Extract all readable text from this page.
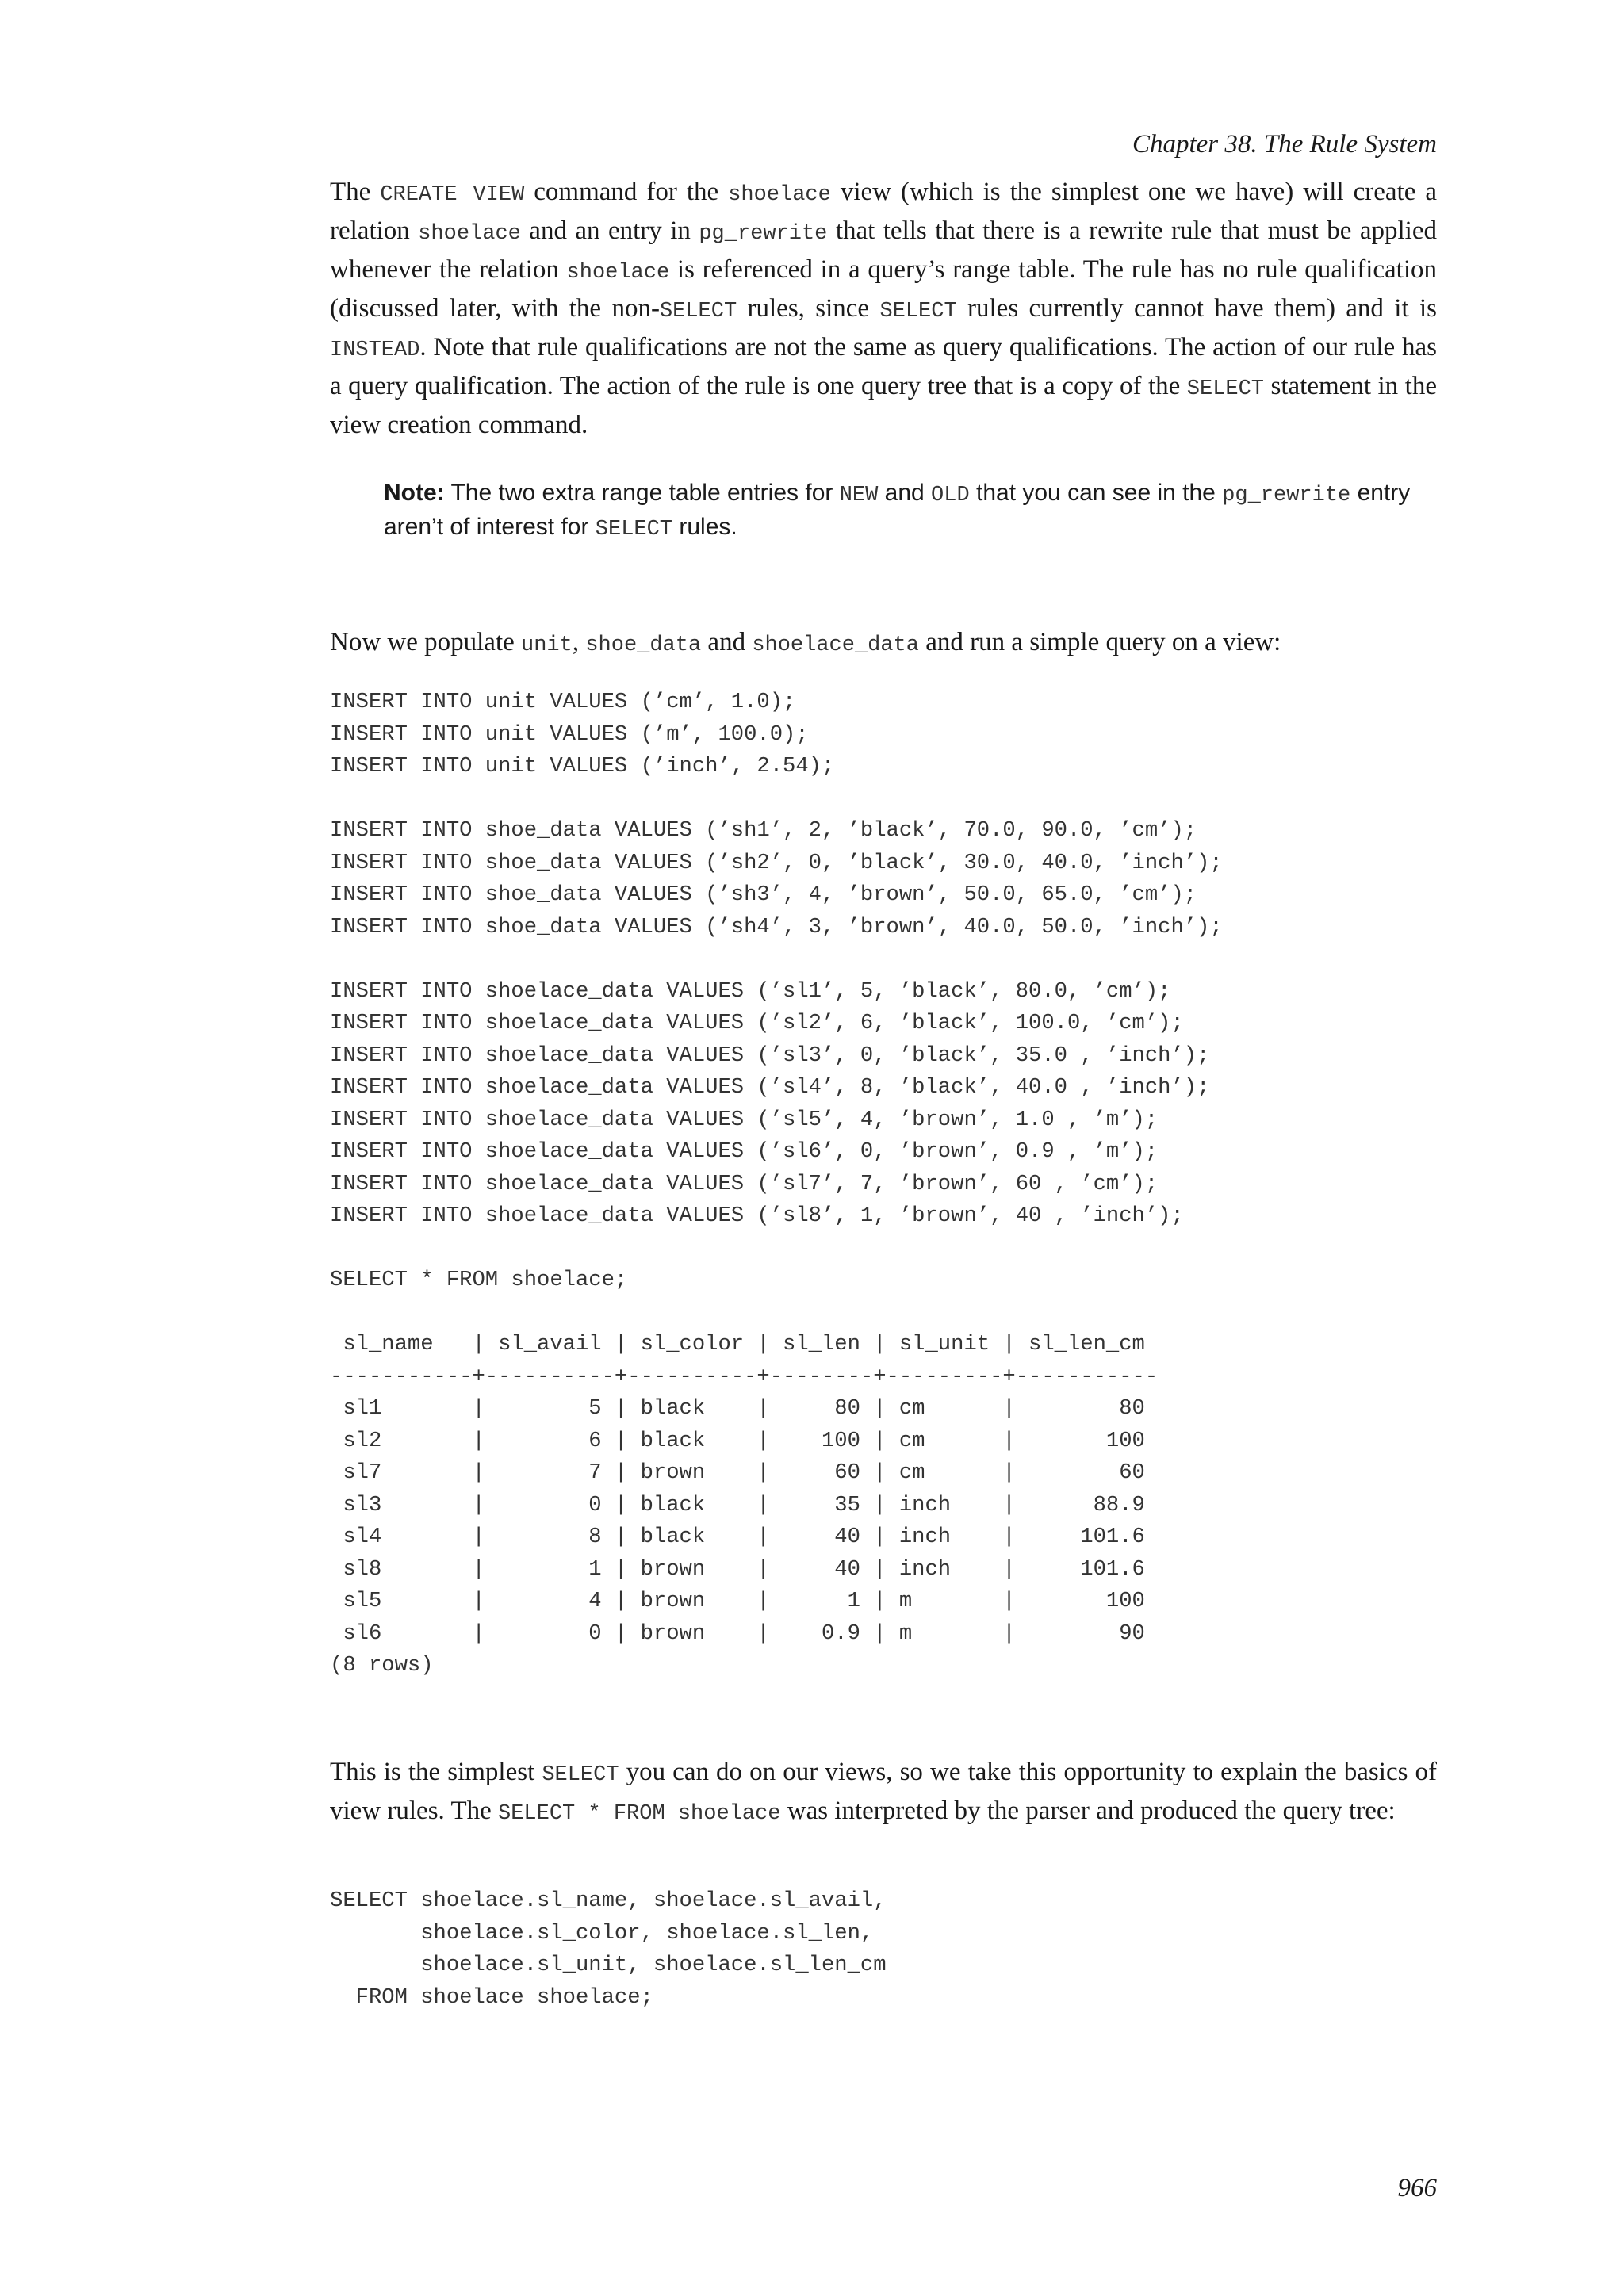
Chapter 38. The Rule System

The CREATE VIEW command for the shoelace view (which is the simplest one we have) will create a relation shoelace and an entry in pg_rewrite that tells that there is a rewrite rule that must be applied whenever the relation shoelace is referenced in a query’s range table. The rule has no rule qualification (discussed later, with the non-SELECT rules, since SELECT rules currently cannot have them) and it is INSTEAD. Note that rule qualifications are not the same as query qualifications. The action of our rule has a query qualification. The action of the rule is one query tree that is a copy of the SELECT statement in the view creation command.

Note: The two extra range table entries for NEW and OLD that you can see in the pg_rewrite entry aren’t of interest for SELECT rules.

Now we populate unit, shoe_data and shoelace_data and run a simple query on a view:

INSERT INTO unit VALUES (’cm’, 1.0);
INSERT INTO unit VALUES (’m’, 100.0);
INSERT INTO unit VALUES (’inch’, 2.54);

INSERT INTO shoe_data VALUES (’sh1’, 2, ’black’, 70.0, 90.0, ’cm’);
INSERT INTO shoe_data VALUES (’sh2’, 0, ’black’, 30.0, 40.0, ’inch’);
INSERT INTO shoe_data VALUES (’sh3’, 4, ’brown’, 50.0, 65.0, ’cm’);
INSERT INTO shoe_data VALUES (’sh4’, 3, ’brown’, 40.0, 50.0, ’inch’);

INSERT INTO shoelace_data VALUES (’sl1’, 5, ’black’, 80.0, ’cm’);
INSERT INTO shoelace_data VALUES (’sl2’, 6, ’black’, 100.0, ’cm’);
INSERT INTO shoelace_data VALUES (’sl3’, 0, ’black’, 35.0 , ’inch’);
INSERT INTO shoelace_data VALUES (’sl4’, 8, ’black’, 40.0 , ’inch’);
INSERT INTO shoelace_data VALUES (’sl5’, 4, ’brown’, 1.0 , ’m’);
INSERT INTO shoelace_data VALUES (’sl6’, 0, ’brown’, 0.9 , ’m’);
INSERT INTO shoelace_data VALUES (’sl7’, 7, ’brown’, 60 , ’cm’);
INSERT INTO shoelace_data VALUES (’sl8’, 1, ’brown’, 40 , ’inch’);

SELECT * FROM shoelace;

sl_name   | sl_avail | sl_color | sl_len | sl_unit | sl_len_cm
-----------+----------+----------+--------+---------+-----------
sl1       |        5 | black    |     80 | cm      |        80
sl2       |        6 | black    |    100 | cm      |       100
sl7       |        7 | brown    |     60 | cm      |        60
sl3       |        0 | black    |     35 | inch    |      88.9
sl4       |        8 | black    |     40 | inch    |     101.6
sl8       |        1 | brown    |     40 | inch    |     101.6
sl5       |        4 | brown    |      1 | m       |       100
sl6       |        0 | brown    |    0.9 | m       |        90
(8 rows)

This is the simplest SELECT you can do on our views, so we take this opportunity to explain the basics of view rules. The SELECT * FROM shoelace was interpreted by the parser and produced the query tree:

SELECT shoelace.sl_name, shoelace.sl_avail,
shoelace.sl_color, shoelace.sl_len,
shoelace.sl_unit, shoelace.sl_len_cm
FROM shoelace shoelace;
966
